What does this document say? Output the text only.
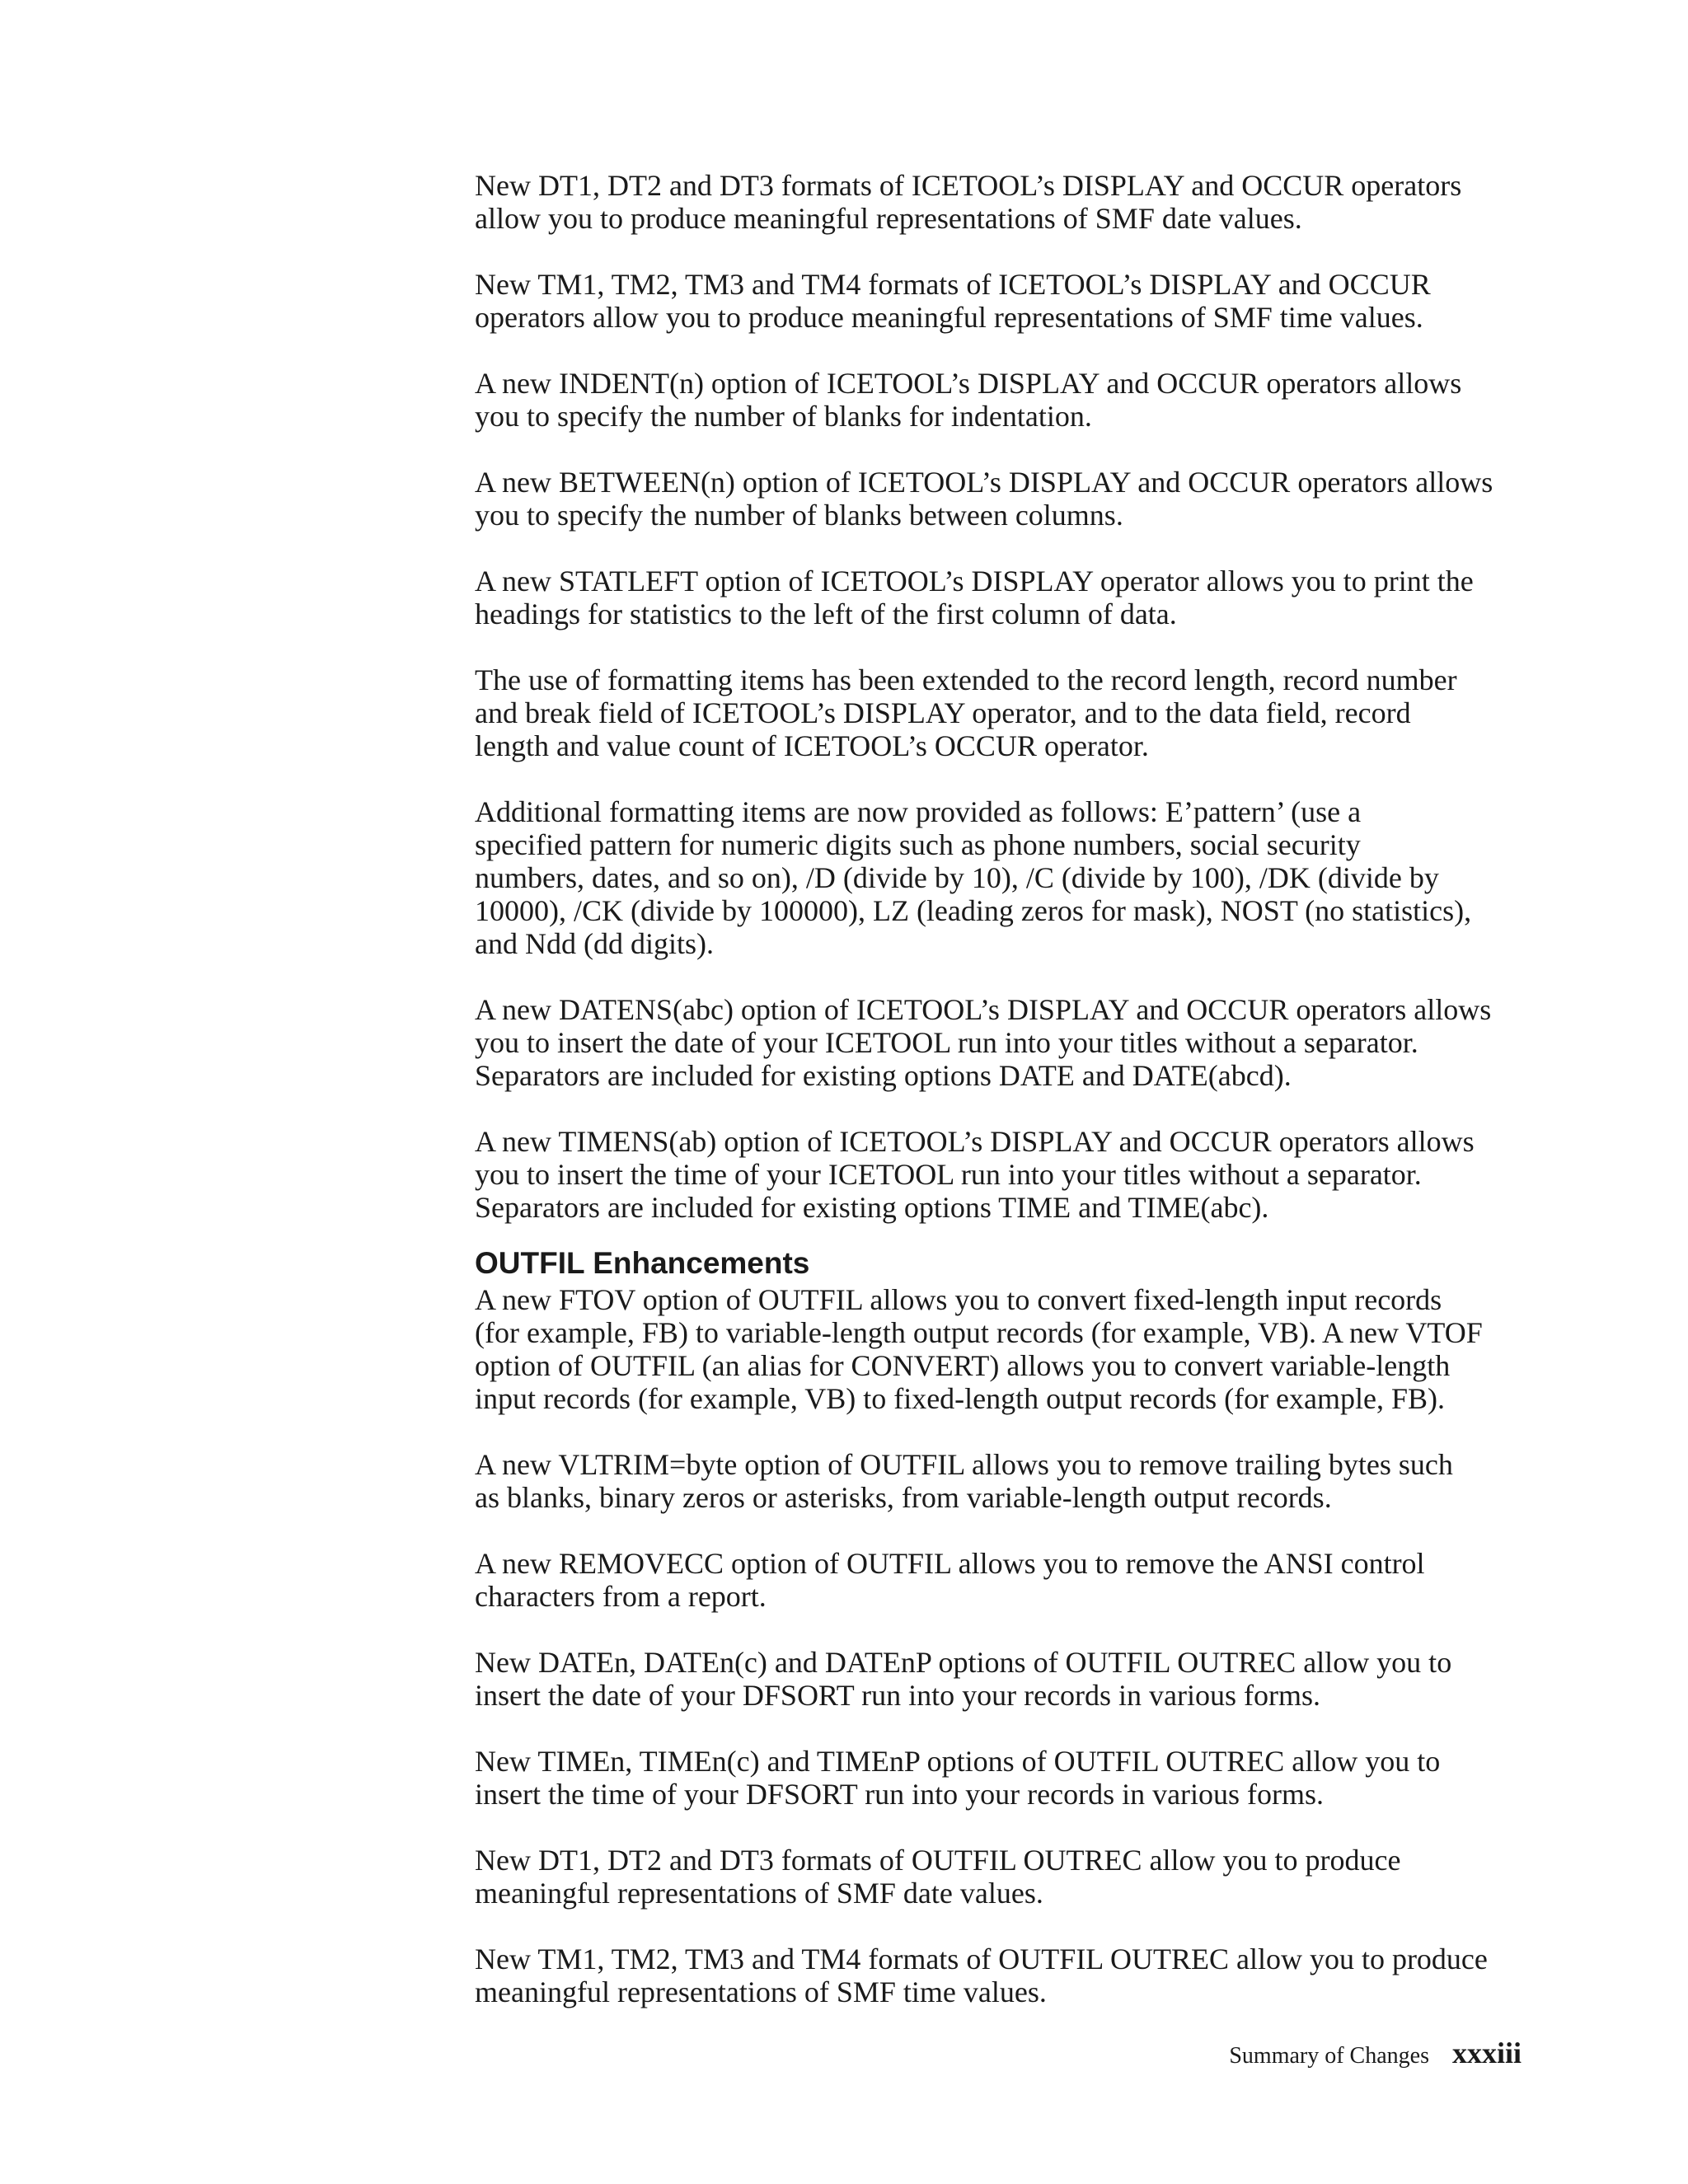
New DT1, DT2 and DT3 formats of ICETOOL’s DISPLAY and OCCUR operators
allow you to produce meaningful representations of SMF date values.

New TM1, TM2, TM3 and TM4 formats of ICETOOL’s DISPLAY and OCCUR
operators allow you to produce meaningful representations of SMF time values.

A new INDENT(n) option of ICETOOL’s DISPLAY and OCCUR operators allows
you to specify the number of blanks for indentation.

A new BETWEEN(n) option of ICETOOL’s DISPLAY and OCCUR operators allows
you to specify the number of blanks between columns.

A new STATLEFT option of ICETOOL’s DISPLAY operator allows you to print the
headings for statistics to the left of the first column of data.

The use of formatting items has been extended to the record length, record number
and break field of ICETOOL’s DISPLAY operator, and to the data field, record
length and value count of ICETOOL’s OCCUR operator.

Additional formatting items are now provided as follows: E’pattern’ (use a
specified pattern for numeric digits such as phone numbers, social security
numbers, dates, and so on), /D (divide by 10), /C (divide by 100), /DK (divide by
10000), /CK (divide by 100000), LZ (leading zeros for mask), NOST (no statistics),
and Ndd (dd digits).

A new DATENS(abc) option of ICETOOL’s DISPLAY and OCCUR operators allows
you to insert the date of your ICETOOL run into your titles without a separator.
Separators are included for existing options DATE and DATE(abcd).

A new TIMENS(ab) option of ICETOOL’s DISPLAY and OCCUR operators allows
you to insert the time of your ICETOOL run into your titles without a separator.
Separators are included for existing options TIME and TIME(abc).

OUTFIL Enhancements

A new FTOV option of OUTFIL allows you to convert fixed-length input records
(for example, FB) to variable-length output records (for example, VB). A new VTOF
option of OUTFIL (an alias for CONVERT) allows you to convert variable-length
input records (for example, VB) to fixed-length output records (for example, FB).

A new VLTRIM=byte option of OUTFIL allows you to remove trailing bytes such
as blanks, binary zeros or asterisks, from variable-length output records.

A new REMOVECC option of OUTFIL allows you to remove the ANSI control
characters from a report.

New DATEn, DATEn(c) and DATEnP options of OUTFIL OUTREC allow you to
insert the date of your DFSORT run into your records in various forms.

New TIMEn, TIMEn(c) and TIMEnP options of OUTFIL OUTREC allow you to
insert the time of your DFSORT run into your records in various forms.

New DT1, DT2 and DT3 formats of OUTFIL OUTREC allow you to produce
meaningful representations of SMF date values.

New TM1, TM2, TM3 and TM4 formats of OUTFIL OUTREC allow you to produce
meaningful representations of SMF time values.

Summary of Changes xxxiii
